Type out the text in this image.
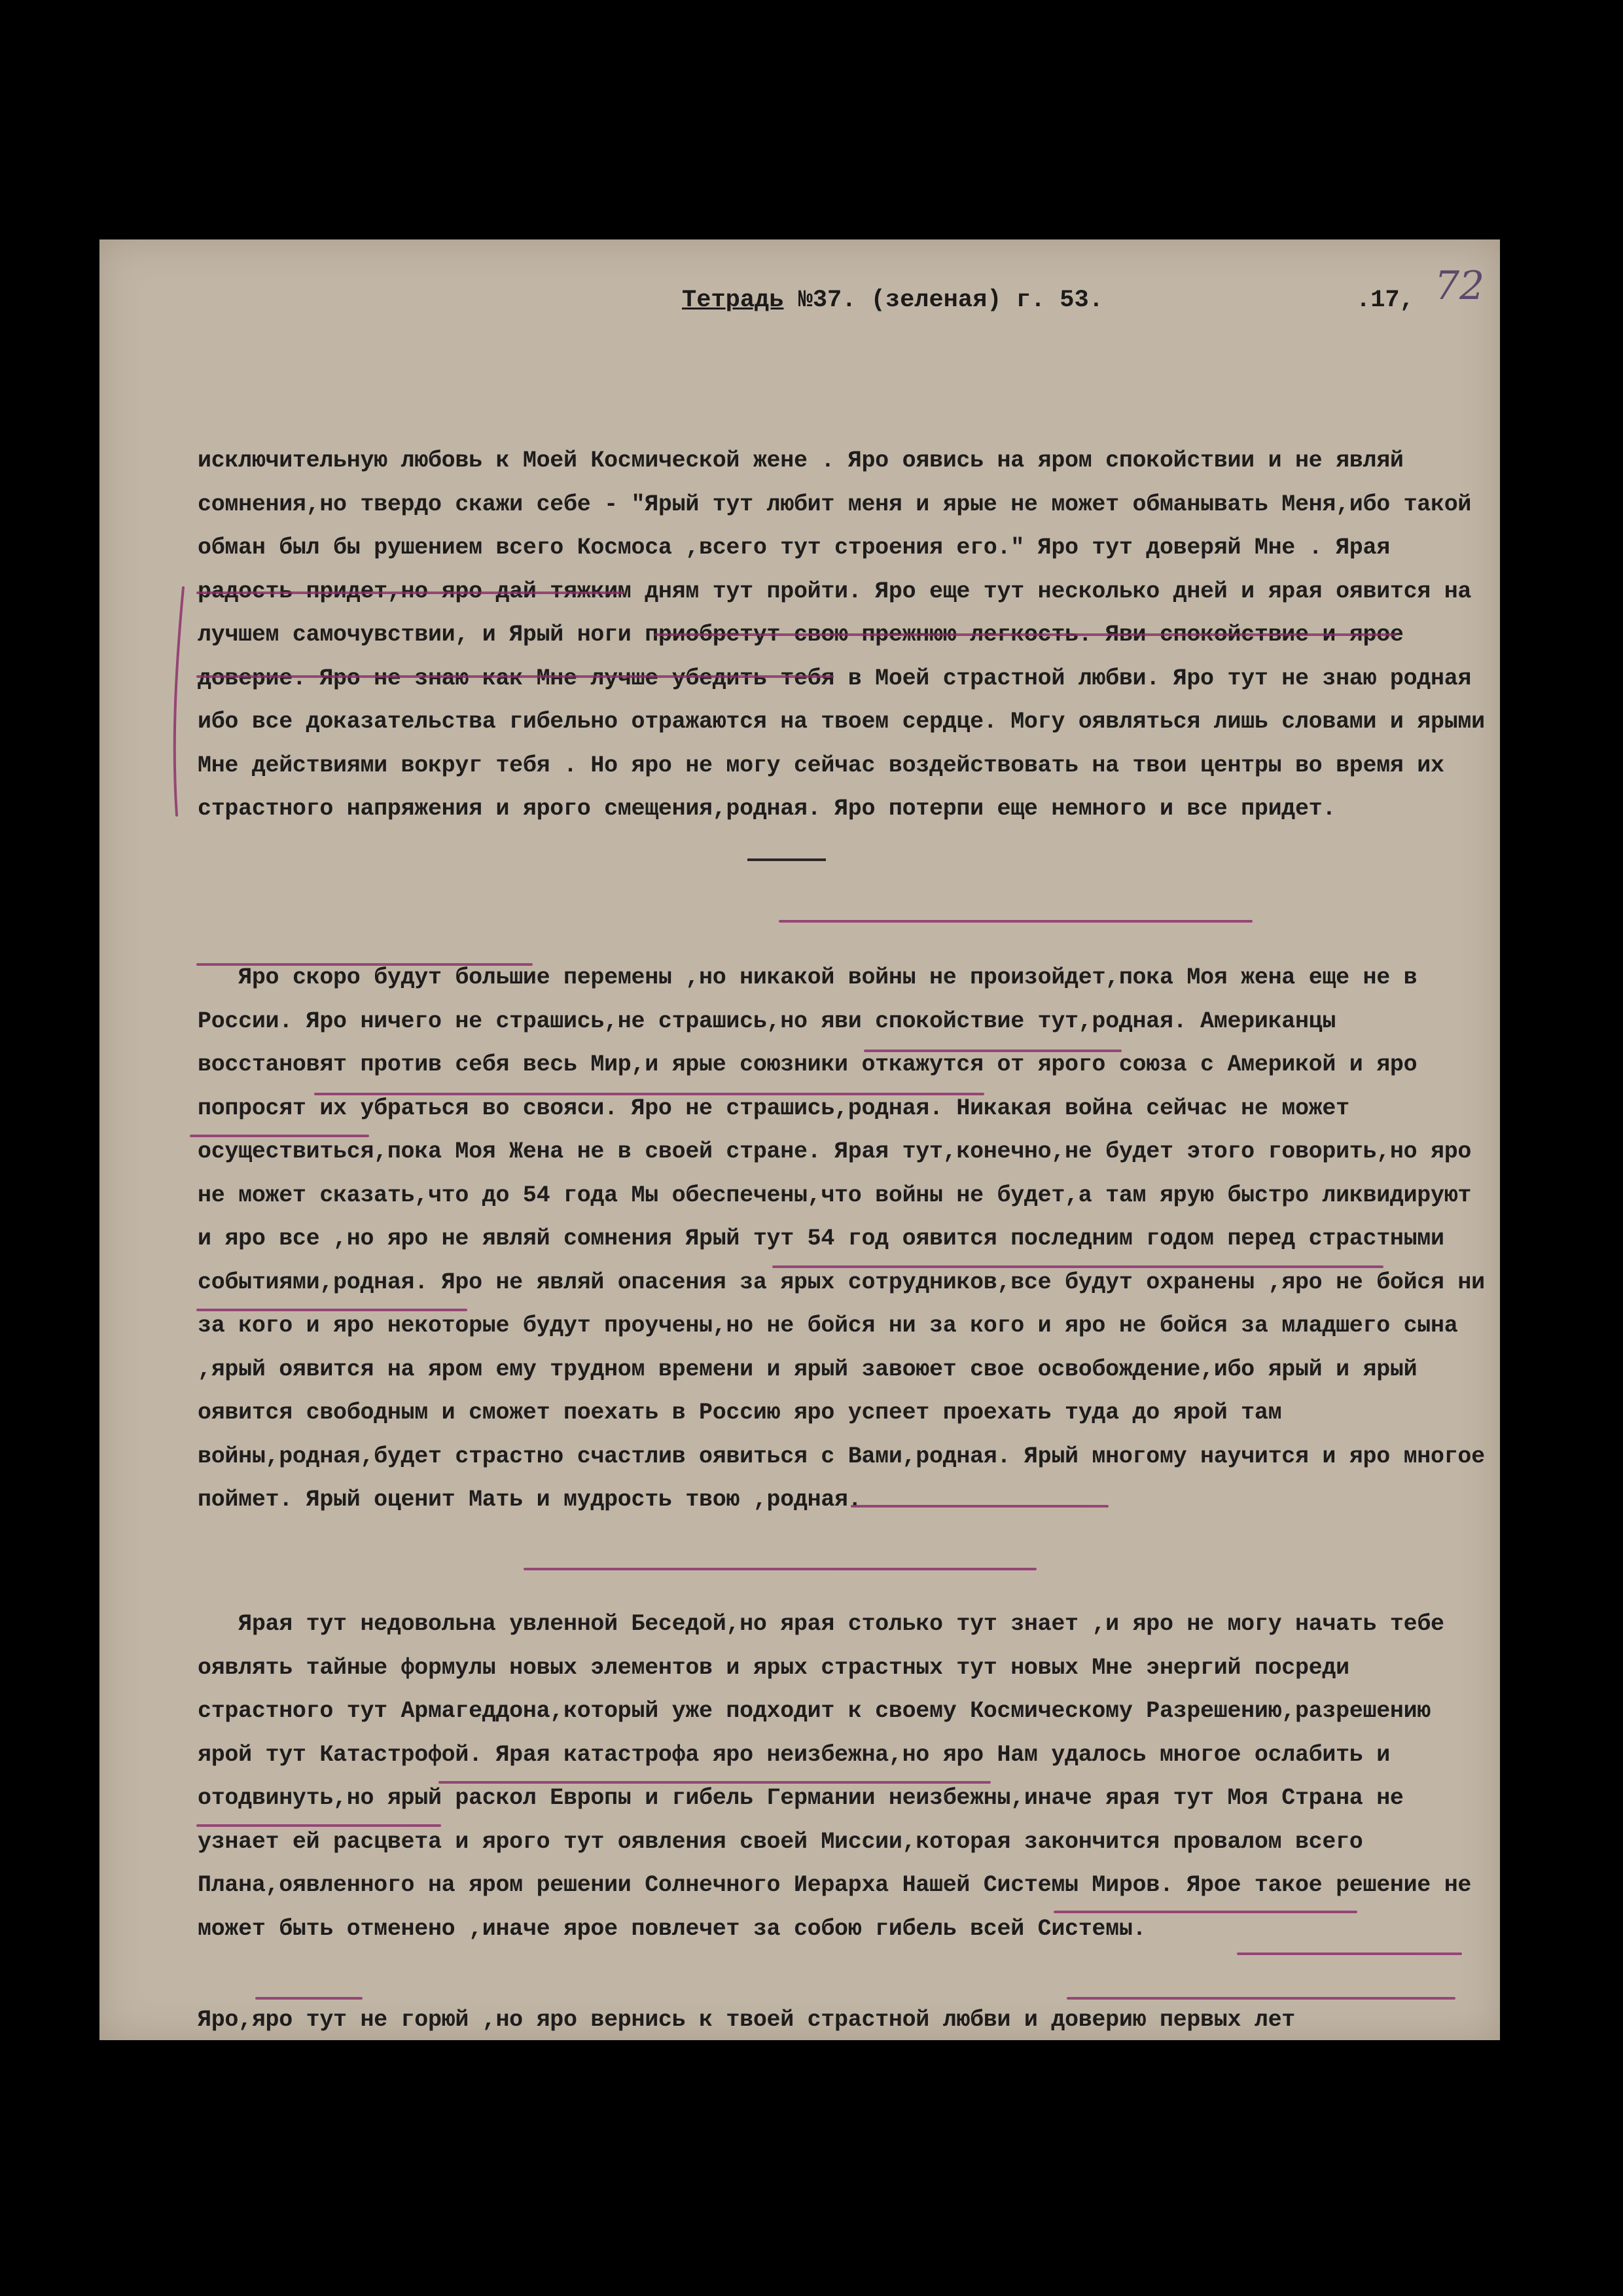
Тетрадь №37. (зеленая) г. 53.	.17, 72

исключительную любовь к Моей Космической жене . Яро оявись на яром спокойствии и не являй сомнения,но твердо скажи себе - "Ярый тут любит меня и ярые не может обманывать Меня,ибо такой обман был бы рушением всего Космоса ,всего тут строения его." Яро тут доверяй Мне . Ярая радость придет,но яро дай тяжким дням тут пройти. Яро еще тут несколько дней и ярая оявится на лучшем самочувствии, и Ярый ноги приобретут свою прежнюю легкость. Яви спокойствие и ярое доверие. Яро не знаю как Мне лучше убедить тебя в Моей страстной любви. Яро тут не знаю родная ибо все доказательства гибельно отражаются на твоем сердце. Могу оявляться лишь словами и ярыми Мне действиями вокруг тебя . Но яро не могу сейчас воздействовать на твои центры во время их страстного напряжения и ярого смещения,родная. Яро потерпи еще немного и все придет.

Яро скоро будут большие перемены ,но никакой войны не произойдет,пока Моя жена еще не в России. Яро ничего не страшись,не страшись,но яви спокойствие тут,родная. Американцы восстановят против себя весь Мир,и ярые союзники откажутся от ярого союза с Америкой и яро попросят их убраться во свояси. Яро не страшись,родная. Никакая война сейчас не может осуществиться,пока Моя Жена не в своей стране. Ярая тут,конечно,не будет этого говорить,но яро не может сказать,что до 54 года Мы обеспечены,что войны не будет,а там ярую быстро ликвидируют и яро все ,но яро не являй сомнения Ярый тут 54 год оявится последним годом перед страстными событиями,родная. Яро не являй опасения за ярых сотрудников,все будут охранены ,яро не бойся ни за кого и яро некоторые будут проучены,но не бойся ни за кого и яро не бойся за младшего сына ,ярый оявится на яром ему трудном времени и ярый завоюет свое освобождение,ибо ярый и ярый оявится свободным и сможет поехать в Россию яро успеет проехать туда до ярой там войны,родная,будет страстно счастлив оявиться с Вами,родная. Ярый многому научится и яро многое поймет. Ярый оценит Мать и мудрость твою ,родная.

Ярая тут недовольна увленной Беседой,но ярая столько тут знает ,и яро не могу начать тебе оявлять тайные формулы новых элементов и ярых страстных тут новых Мне энергий посреди страстного тут Армагеддона,который уже подходит к своему Космическому Разрешению,разрешению ярой тут Катастрофой. Ярая катастрофа яро неизбежна,но яро Нам удалось многое ослабить и отодвинуть,но ярый раскол Европы и гибель Германии неизбежны,иначе ярая тут Моя Страна не узнает ей расцвета и ярого тут оявления своей Миссии,которая закончится провалом всего Плана,оявленного на яром решении Солнечного Иерарха Нашей Системы Миров. Ярое такое решение не может быть отменено ,иначе ярое повлечет за собою гибель всей Системы.

Яро,яро тут не горюй ,но яро вернись к твоей страстной любви и доверию первых лет
